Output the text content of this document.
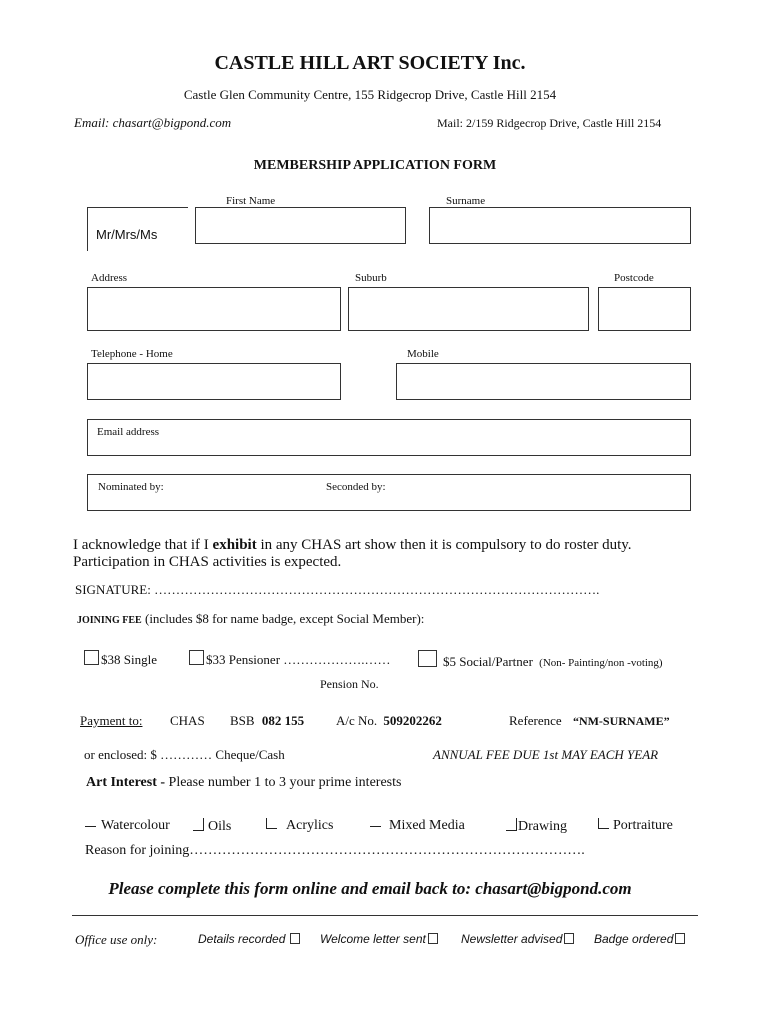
CASTLE HILL ART SOCIETY Inc.
Castle Glen Community Centre, 155 Ridgecrop Drive, Castle Hill 2154
Email: chasart@bigpond.com	Mail: 2/159 Ridgecrop Drive, Castle Hill 2154
MEMBERSHIP APPLICATION FORM
First Name	Surname
Mr/Mrs/Ms
Address	Suburb	Postcode
Telephone - Home	Mobile
Email address
Nominated by:	Seconded by:
I acknowledge that if I exhibit in any CHAS art show then it is compulsory to do roster duty.
Participation in CHAS activities is expected.
SIGNATURE: ………………………………………………………………………………………….
JOINING FEE (includes $8 for name badge, except Social Member):
$38 Single	$33 Pensioner ……………….……	$5 Social/Partner (Non- Painting/non -voting)
Pension No.
Payment to: CHAS BSB 082 155 A/c No. 509202262	Reference “NM-SURNAME”
or enclosed: $ ………… Cheque/Cash	ANNUAL FEE DUE 1st MAY EACH YEAR
Art Interest - Please number 1 to 3 your prime interests
Watercolour	Oils	Acrylics	Mixed Media	Drawing	Portraiture
Reason for joining………………………………………………………………………….
Please complete this form online and email back to: chasart@bigpond.com
Office use only:	Details recorded	Welcome letter sent	Newsletter advised	Badge ordered
